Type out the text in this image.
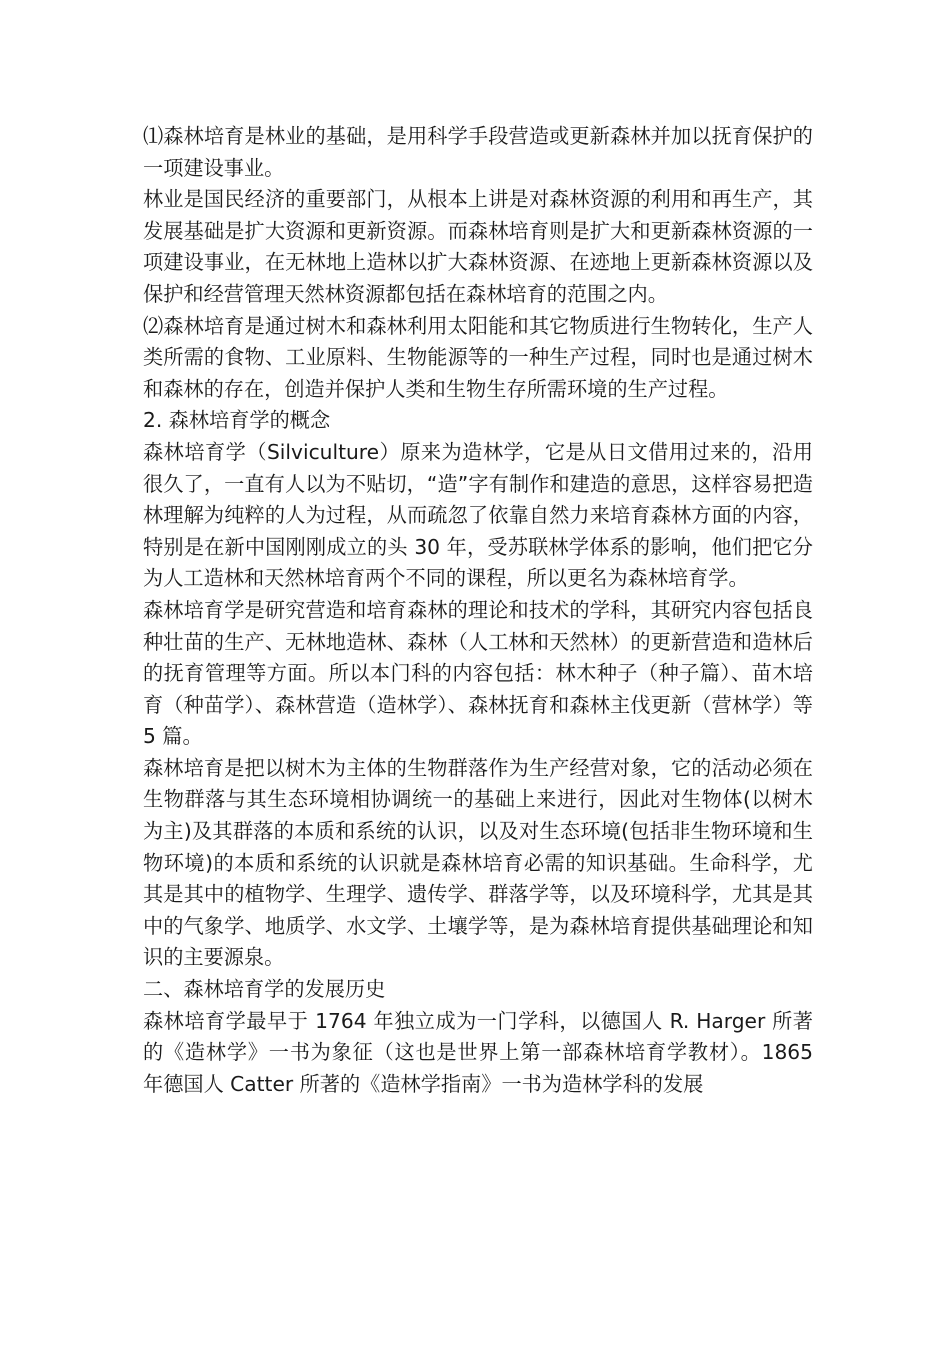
⑴森林培育是林业的基础，是用科学手段营造或更新森林并加以抚育保护的一项建设事业。

林业是国民经济的重要部门，从根本上讲是对森林资源的利用和再生产，其发展基础是扩大资源和更新资源。而森林培育则是扩大和更新森林资源的一项建设事业，在无林地上造林以扩大森林资源、在迹地上更新森林资源以及保护和经营管理天然林资源都包括在森林培育的范围之内。

⑵森林培育是通过树木和森林利用太阳能和其它物质进行生物转化，生产人类所需的食物、工业原料、生物能源等的一种生产过程，同时也是通过树木和森林的存在，创造并保护人类和生物生存所需环境的生产过程。

2. 森林培育学的概念

森林培育学（Silviculture）原来为造林学，它是从日文借用过来的，沿用很久了，一直有人以为不贴切，“造”字有制作和建造的意思，这样容易把造林理解为纯粹的人为过程，从而疏忽了依靠自然力来培育森林方面的内容，特别是在新中国刚刚成立的头 30 年，受苏联林学体系的影响，他们把它分为人工造林和天然林培育两个不同的课程，所以更名为森林培育学。

森林培育学是研究营造和培育森林的理论和技术的学科，其研究内容包括良种壮苗的生产、无林地造林、森林（人工林和天然林）的更新营造和造林后的抚育管理等方面。所以本门科的内容包括：林木种子（种子篇）、苗木培育（种苗学）、森林营造（造林学）、森林抚育和森林主伐更新（营林学）等 5 篇。

森林培育是把以树木为主体的生物群落作为生产经营对象，它的活动必须在生物群落与其生态环境相协调统一的基础上来进行，因此对生物体(以树木为主)及其群落的本质和系统的认识，以及对生态环境(包括非生物环境和生物环境)的本质和系统的认识就是森林培育必需的知识基础。生命科学，尤其是其中的植物学、生理学、遗传学、群落学等，以及环境科学，尤其是其中的气象学、地质学、水文学、土壤学等，是为森林培育提供基础理论和知识的主要源泉。

二、森林培育学的发展历史

森林培育学最早于 1764 年独立成为一门学科，以德国人 R. Harger 所著的《造林学》一书为象征（这也是世界上第一部森林培育学教材）。1865 年德国人 Catter 所著的《造林学指南》一书为造林学科的发展
